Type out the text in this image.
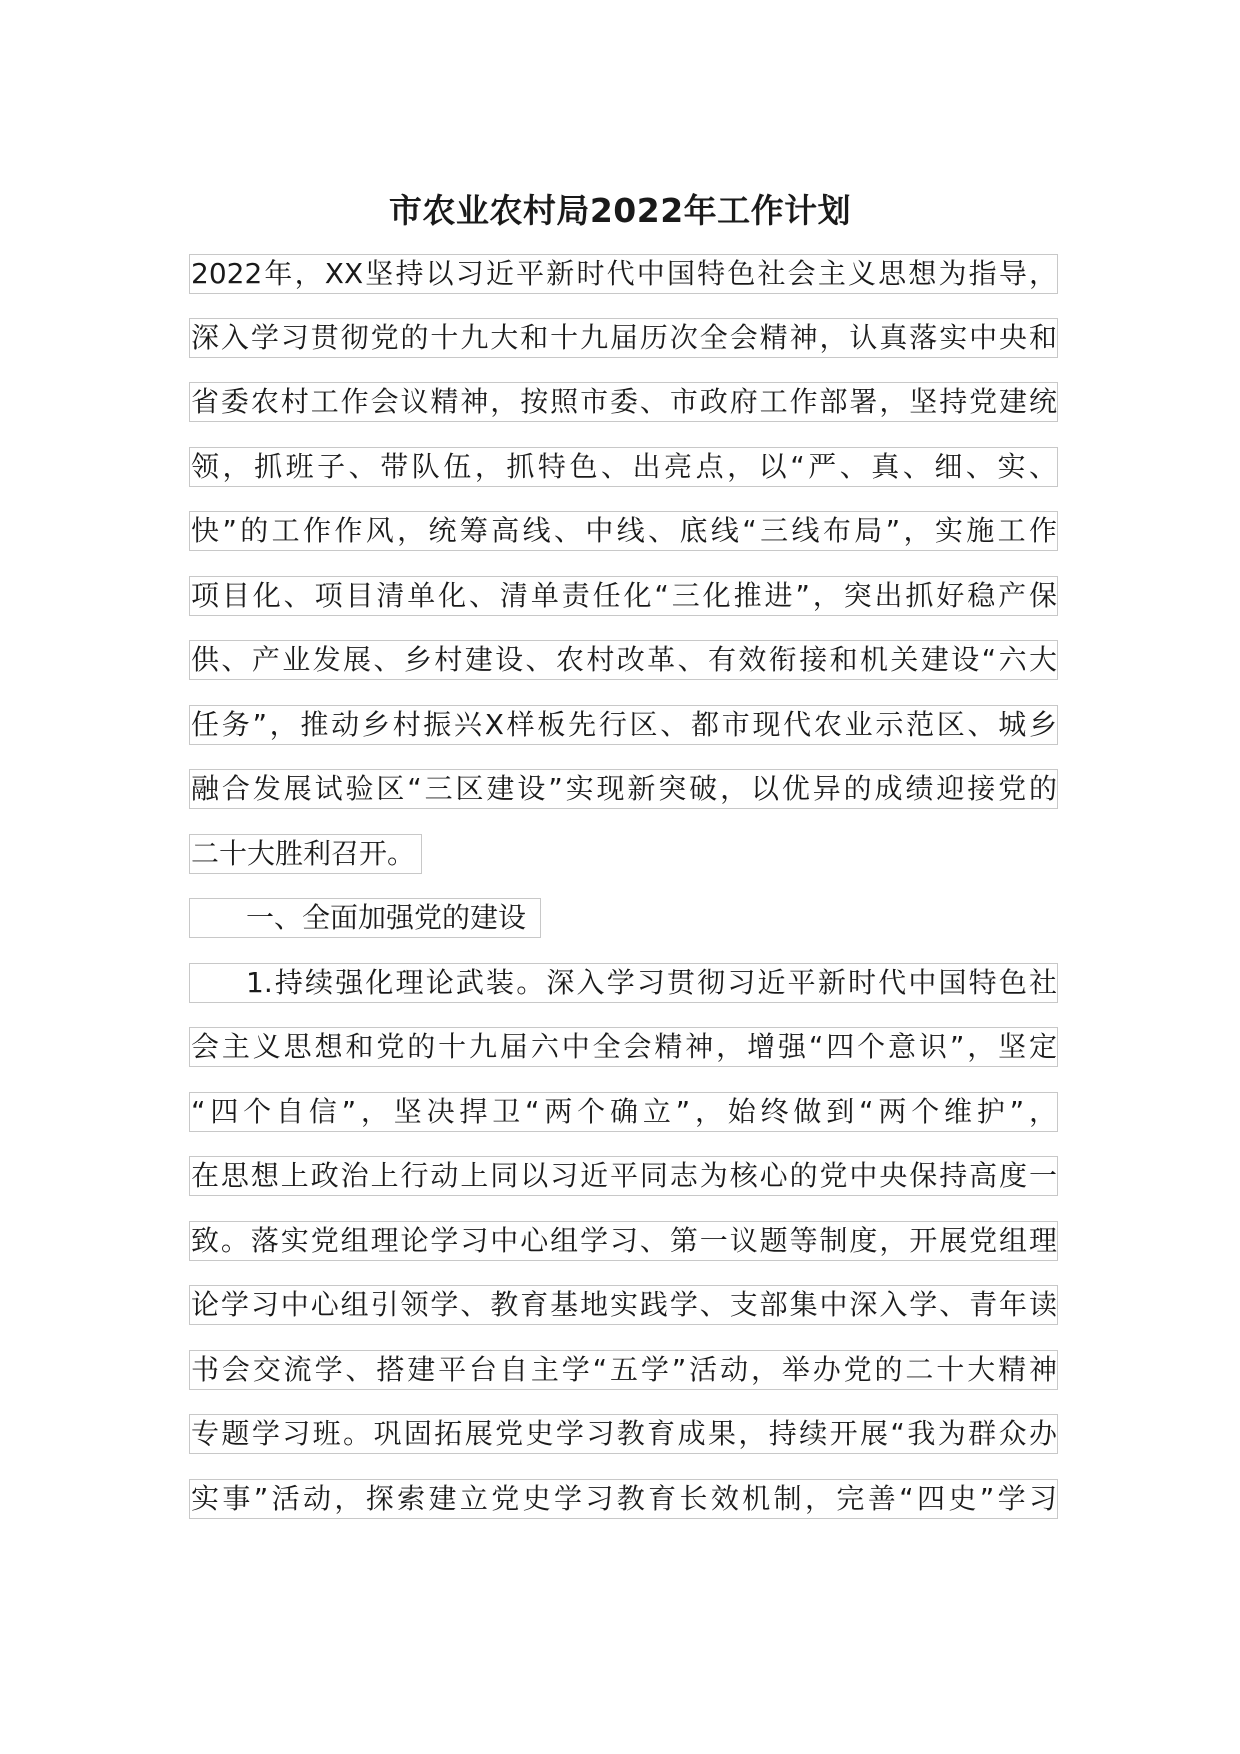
市农业农村局2022年工作计划
2022年，XX坚持以习近平新时代中国特色社会主义思想为指导，
深入学习贯彻党的十九大和十九届历次全会精神，认真落实中央和
省委农村工作会议精神，按照市委、市政府工作部署，坚持党建统
领，抓班子、带队伍，抓特色、出亮点，以“严、真、细、实、
快”的工作作风，统筹高线、中线、底线“三线布局”，实施工作
项目化、项目清单化、清单责任化“三化推进”，突出抓好稳产保
供、产业发展、乡村建设、农村改革、有效衔接和机关建设“六大
任务”，推动乡村振兴X样板先行区、都市现代农业示范区、城乡
融合发展试验区“三区建设”实现新突破，以优异的成绩迎接党的
二十大胜利召开。
一、全面加强党的建设
1.持续强化理论武装。深入学习贯彻习近平新时代中国特色社
会主义思想和党的十九届六中全会精神，增强“四个意识”，坚定
“四个自信”，坚决捍卫“两个确立”，始终做到“两个维护”，
在思想上政治上行动上同以习近平同志为核心的党中央保持高度一
致。落实党组理论学习中心组学习、第一议题等制度，开展党组理
论学习中心组引领学、教育基地实践学、支部集中深入学、青年读
书会交流学、搭建平台自主学“五学”活动，举办党的二十大精神
专题学习班。巩固拓展党史学习教育成果，持续开展“我为群众办
实事”活动，探索建立党史学习教育长效机制，完善“四史”学习
